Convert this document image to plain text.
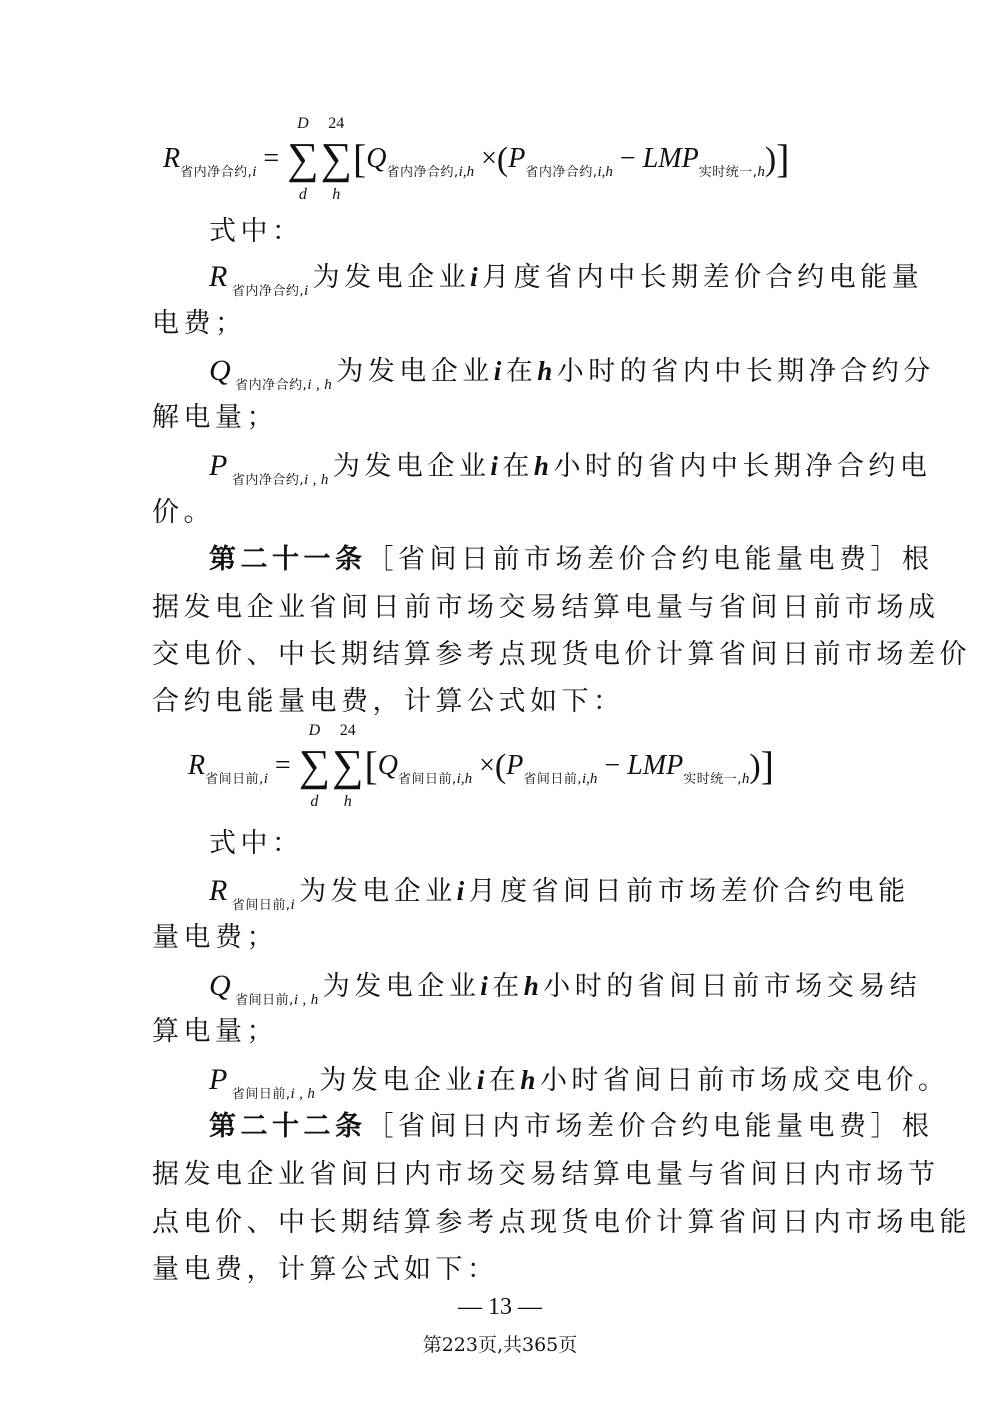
$R_{省内净合约,i}$ = ∑
D
d
∑
24
h
$[Q_{省内净合约,i,h} \times(P_{省内净合约,i,h} - LMP_{实时统一,h})]$
式中：
$R_{省内净合约,i}$为发电企业i月度省内中长期差价合约电能量
电费；
$Q_{省内净合约,i,h}$为发电企业i在h小时的省内中长期净合约分
解电量；
$P_{省内净合约,i,h}$为发电企业i在h小时的省内中长期净合约电
价。
第二十一条［省间日前市场差价合约电能量电费］根
据发电企业省间日前市场交易结算电量与省间日前市场成
交电价、中长期结算参考点现货电价计算省间日前市场差价
合约电能量电费，计算公式如下：
$R_{省间日前,i}$ = ∑
D
d
∑
24
h
$[Q_{省间日前,i,h} \times(P_{省间日前,i,h} - LMP_{实时统一,h})]$
式中：
$R_{省间日前,i}$为发电企业i月度省间日前市场差价合约电能
量电费；
$Q_{省间日前,i,h}$为发电企业i在h小时的省间日前市场交易结
算电量；
$P_{省间日前,i,h}$为发电企业i在h小时省间日前市场成交电价。
第二十二条［省间日内市场差价合约电能量电费］根
据发电企业省间日内市场交易结算电量与省间日内市场节
点电价、中长期结算参考点现货电价计算省间日内市场电能
量电费，计算公式如下：
— 13 —
第223页,共365页
